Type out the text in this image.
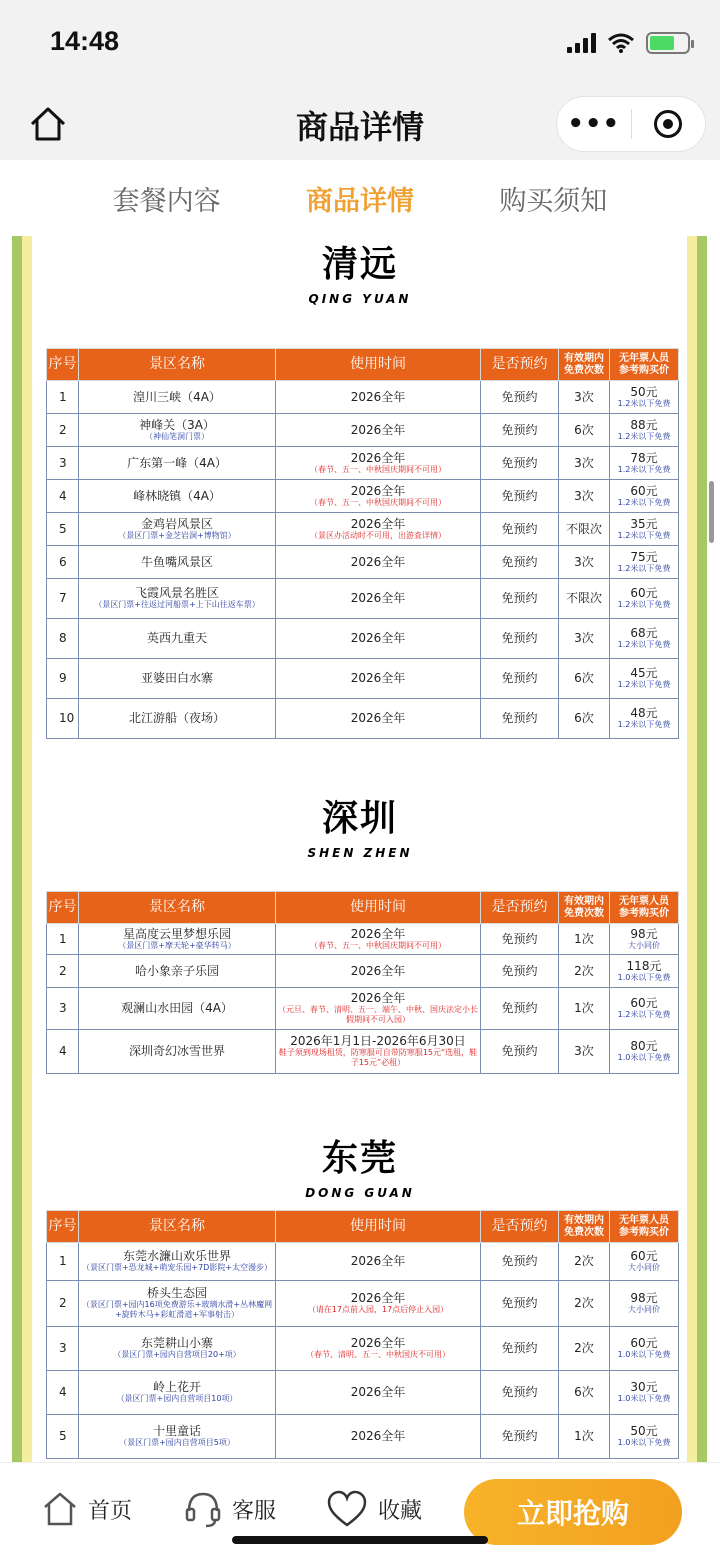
14:48
商品详情	•••
套餐内容	商品详情	购买须知
清远
QING YUAN
序号	景区名称	使用时间	是否预约	有效期内
免费次数	无年票人员
参考购买价

1	湟川三峡（4A）	2026全年	免预约	3次	50元
1.2米以下免费

2	神峰关（3A）
（神仙笔洞门票）	2026全年	免预约	6次	88元
1.2米以下免费

3	广东第一峰（4A）	2026全年
（春节、五一、中秋国庆期间不可用）	免预约	3次	78元
1.2米以下免费

4	峰林晓镇（4A）	2026全年
（春节、五一、中秋国庆期间不可用）	免预约	3次	60元
1.2米以下免费

5	金鸡岩风景区
（景区门票+金芝岩洞+博物馆）	2026全年
（景区办活动时不可用，出游查详情）	免预约	不限次	35元
1.2米以下免费

6	牛鱼嘴风景区	2026全年	免预约	3次	75元
1.2米以下免费

7	飞霞风景名胜区
（景区门票+往返过河船票+上下山往返车票）	2026全年	免预约	不限次	60元
1.2米以下免费

8	英西九重天	2026全年	免预约	3次	68元
1.2米以下免费

9	亚婆田白水寨	2026全年	免预约	6次	45元
1.2米以下免费

10	北江游船（夜场）	2026全年	免预约	6次	48元
1.2米以下免费
深圳
SHEN ZHEN
序号	景区名称	使用时间	是否预约	有效期内
免费次数	无年票人员
参考购买价

1	星高度云里梦想乐园
（景区门票+摩天轮+豪华转马）	2026全年
（春节、五一、中秋国庆期间不可用）	免预约	1次	98元
大小同价

2	哈小象亲子乐园	2026全年	免预约	2次	118元
1.0米以下免费

3	观澜山水田园（4A）	2026全年
（元旦、春节、清明、五一、端午、中秋、国庆法定小长假期间不可入园）	免预约	1次	60元
1.2米以下免费

4	深圳奇幻冰雪世界	2026年1月1日-2026年6月30日
鞋子须到现场租赁，防寒服可自带防寒服15元“选租，鞋子15元”必租）	免预约	3次	80元
1.0米以下免费
东莞
DONG GUAN
序号	景区名称	使用时间	是否预约	有效期内
免费次数	无年票人员
参考购买价

1	东莞水濂山欢乐世界
（景区门票+恐龙城+萌宠乐园+7D影院+太空漫步）	2026全年	免预约	2次	60元
大小同价

2	桥头生态园
（景区门票+园内16项免费游乐+玻璃水滑+丛林魔网+旋转木马+彩虹滑道+军事射击）	2026全年
（请在17点前入园，17点后停止入园）	免预约	2次	98元
大小同价

3	东莞耕山小寨
（景区门票+园内自营项目20+项）	2026全年
（春节、清明、五一、中秋国庆不可用）	免预约	2次	60元
1.0米以下免费

4	岭上花开
（景区门票+园内自营项目10项）	2026全年	免预约	6次	30元
1.0米以下免费

5	十里童话
（景区门票+园内自营项目5项）	2026全年	免预约	1次	50元
1.0米以下免费
首页	客服	收藏	立即抢购
